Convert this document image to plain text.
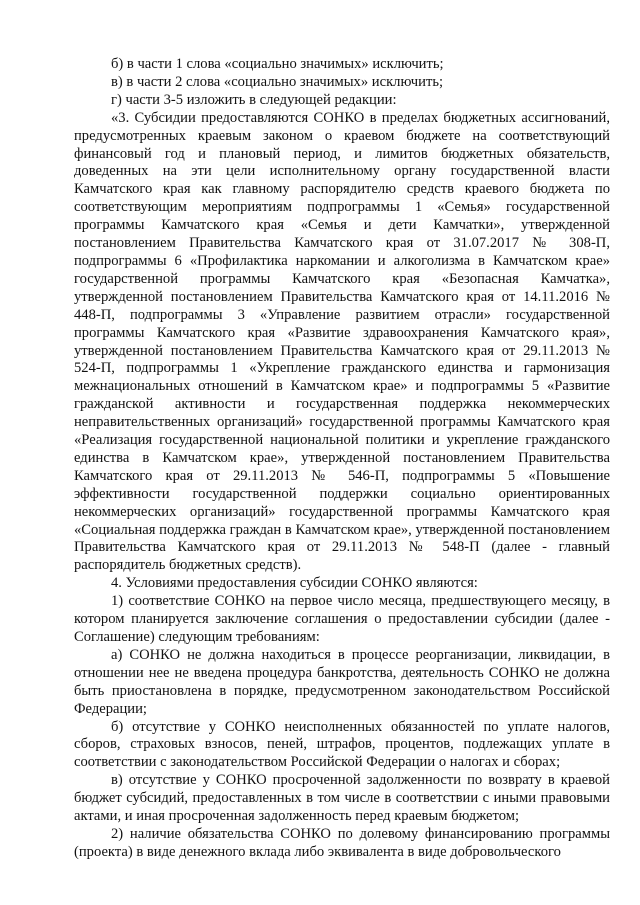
б) в части 1 слова «социально значимых» исключить;

в) в части 2 слова «социально значимых» исключить;

г) части 3-5 изложить в следующей редакции:

«3. Субсидии предоставляются СОНКО в пределах бюджетных ассигнований, предусмотренных краевым законом о краевом бюджете на соответствующий финансовый год и плановый период, и лимитов бюджетных обязательств, доведенных на эти цели исполнительному органу государственной власти Камчатского края как главному распорядителю средств краевого бюджета по соответствующим мероприятиям подпрограммы 1 «Семья» государственной программы Камчатского края «Семья и дети Камчатки», утвержденной постановлением Правительства Камчатского края от 31.07.2017 № 308-П, подпрограммы 6 «Профилактика наркомании и алкоголизма в Камчатском крае» государственной программы Камчатского края «Безопасная Камчатка», утвержденной постановлением Правительства Камчатского края от 14.11.2016 № 448-П, подпрограммы 3 «Управление развитием отрасли» государственной программы Камчатского края «Развитие здравоохранения Камчатского края», утвержденной постановлением Правительства Камчатского края от 29.11.2013 № 524-П, подпрограммы 1 «Укрепление гражданского единства и гармонизация межнациональных отношений в Камчатском крае» и подпрограммы 5 «Развитие гражданской активности и государственная поддержка некоммерческих неправительственных организаций» государственной программы Камчатского края «Реализация государственной национальной политики и укрепление гражданского единства в Камчатском крае», утвержденной постановлением Правительства Камчатского края от 29.11.2013 № 546-П, подпрограммы 5 «Повышение эффективности государственной поддержки социально ориентированных некоммерческих организаций» государственной программы Камчатского края «Социальная поддержка граждан в Камчатском крае», утвержденной постановлением Правительства Камчатского края от 29.11.2013 № 548-П (далее - главный распорядитель бюджетных средств).

4. Условиями предоставления субсидии СОНКО являются:

1) соответствие СОНКО на первое число месяца, предшествующего месяцу, в котором планируется заключение соглашения о предоставлении субсидии (далее - Соглашение) следующим требованиям:

а) СОНКО не должна находиться в процессе реорганизации, ликвидации, в отношении нее не введена процедура банкротства, деятельность СОНКО не должна быть приостановлена в порядке, предусмотренном законодательством Российской Федерации;

б) отсутствие у СОНКО неисполненных обязанностей по уплате налогов, сборов, страховых взносов, пеней, штрафов, процентов, подлежащих уплате в соответствии с законодательством Российской Федерации о налогах и сборах;

в) отсутствие у СОНКО просроченной задолженности по возврату в краевой бюджет субсидий, предоставленных в том числе в соответствии с иными правовыми актами, и иная просроченная задолженность перед краевым бюджетом;

2) наличие обязательства СОНКО по долевому финансированию программы (проекта) в виде денежного вклада либо эквивалента в виде добровольческого
